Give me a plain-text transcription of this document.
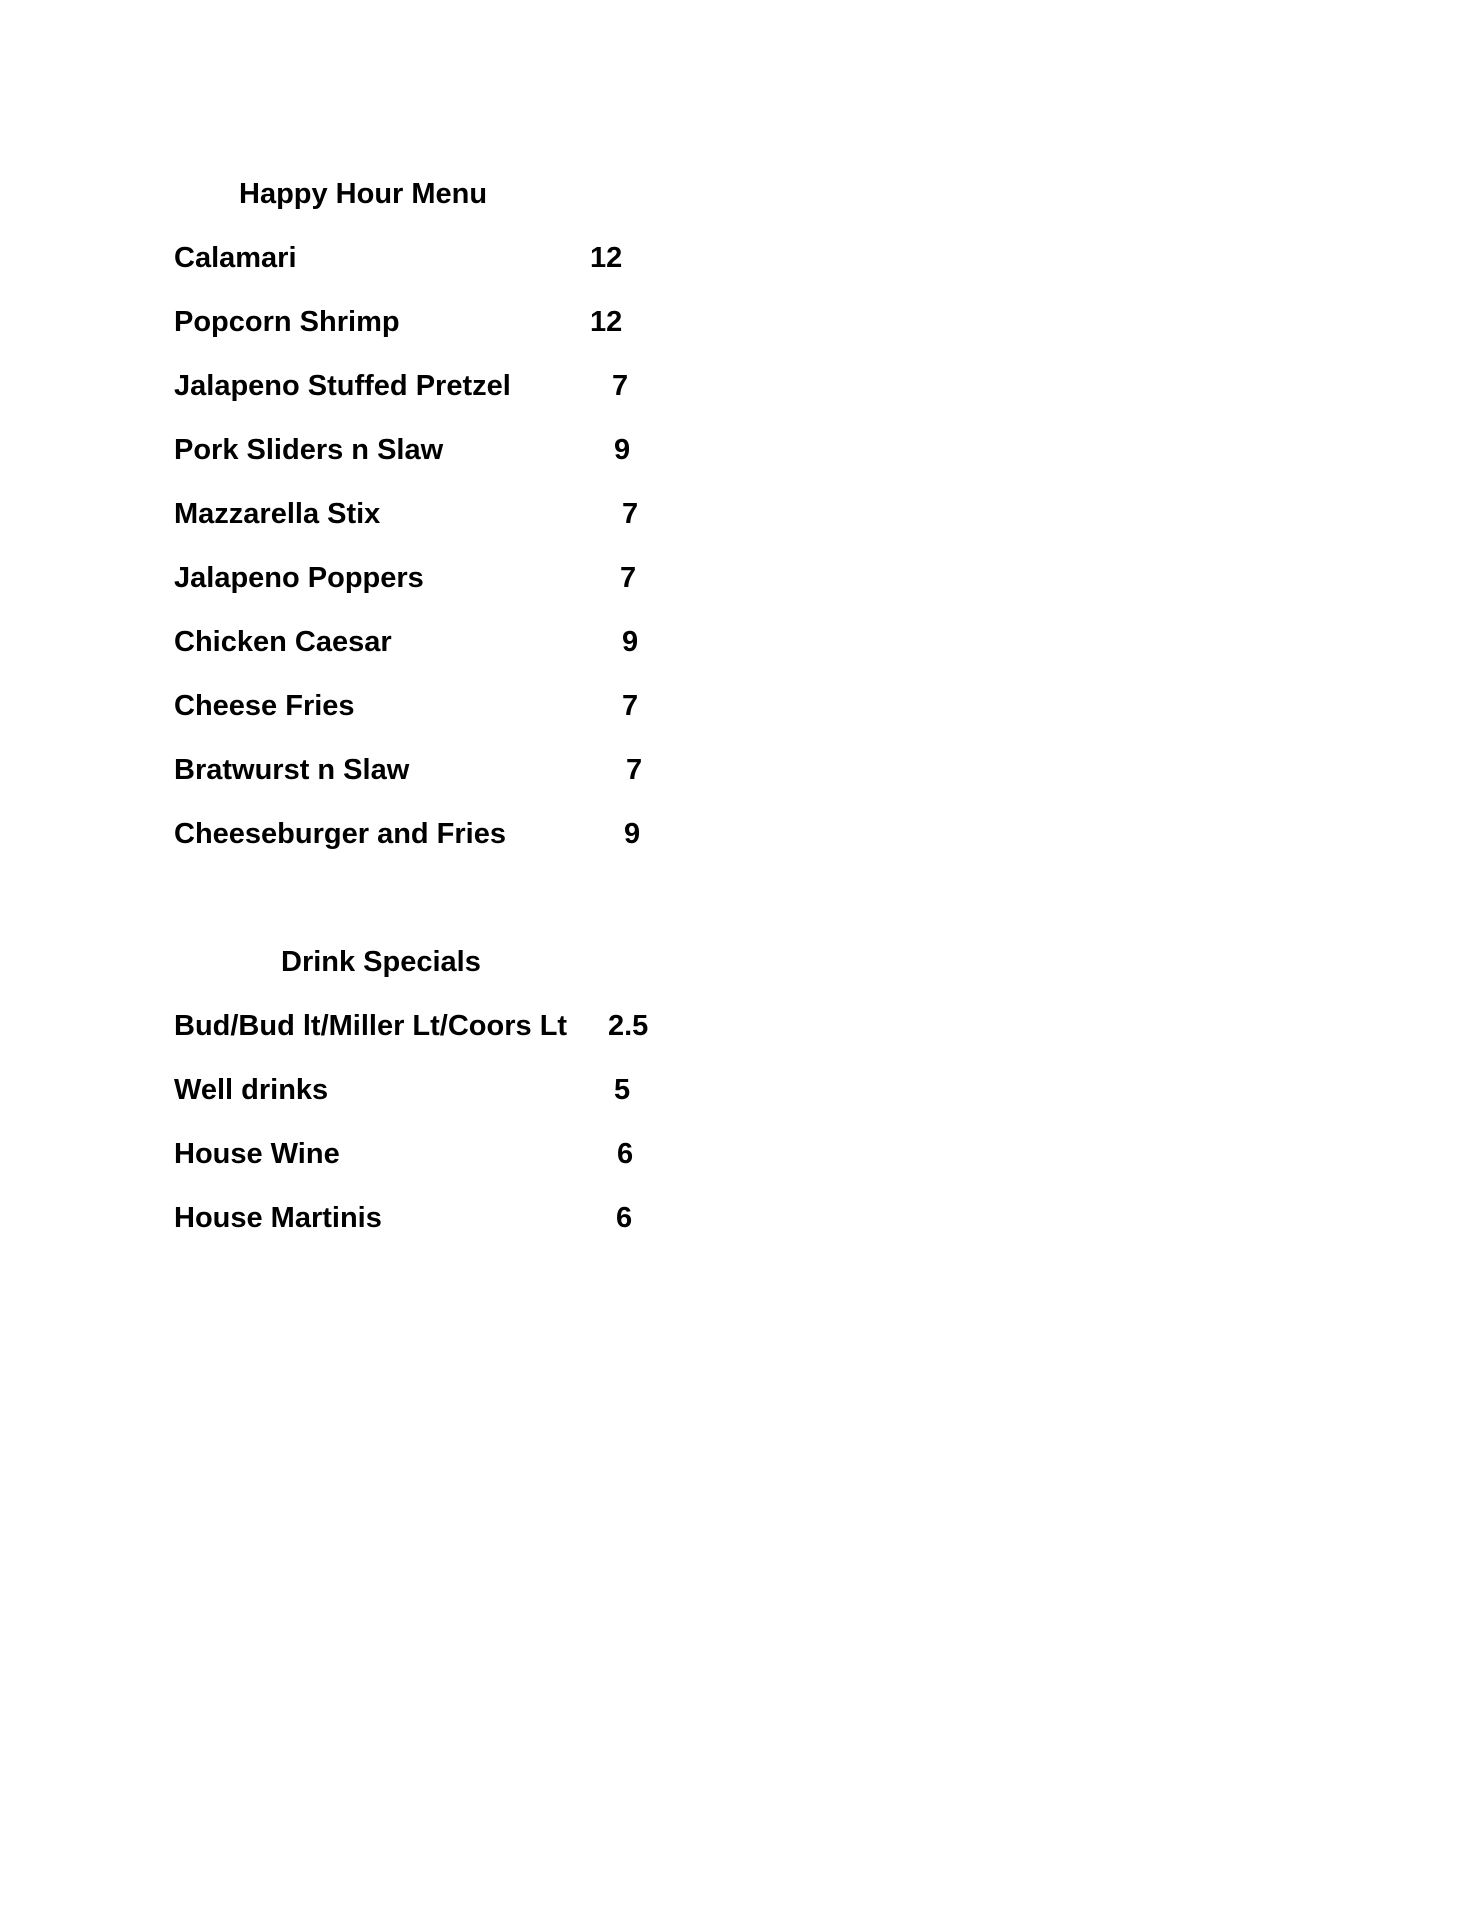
Happy Hour Menu
Calamari	12
Popcorn Shrimp	12
Jalapeno Stuffed Pretzel	7
Pork Sliders n Slaw	9
Mazzarella Stix	7
Jalapeno Poppers	7
Chicken Caesar	9
Cheese Fries	7
Bratwurst n Slaw	7
Cheeseburger and Fries	9
Drink Specials
Bud/Bud lt/Miller Lt/Coors Lt 2.5
Well drinks	5
House Wine	6
House Martinis	6
